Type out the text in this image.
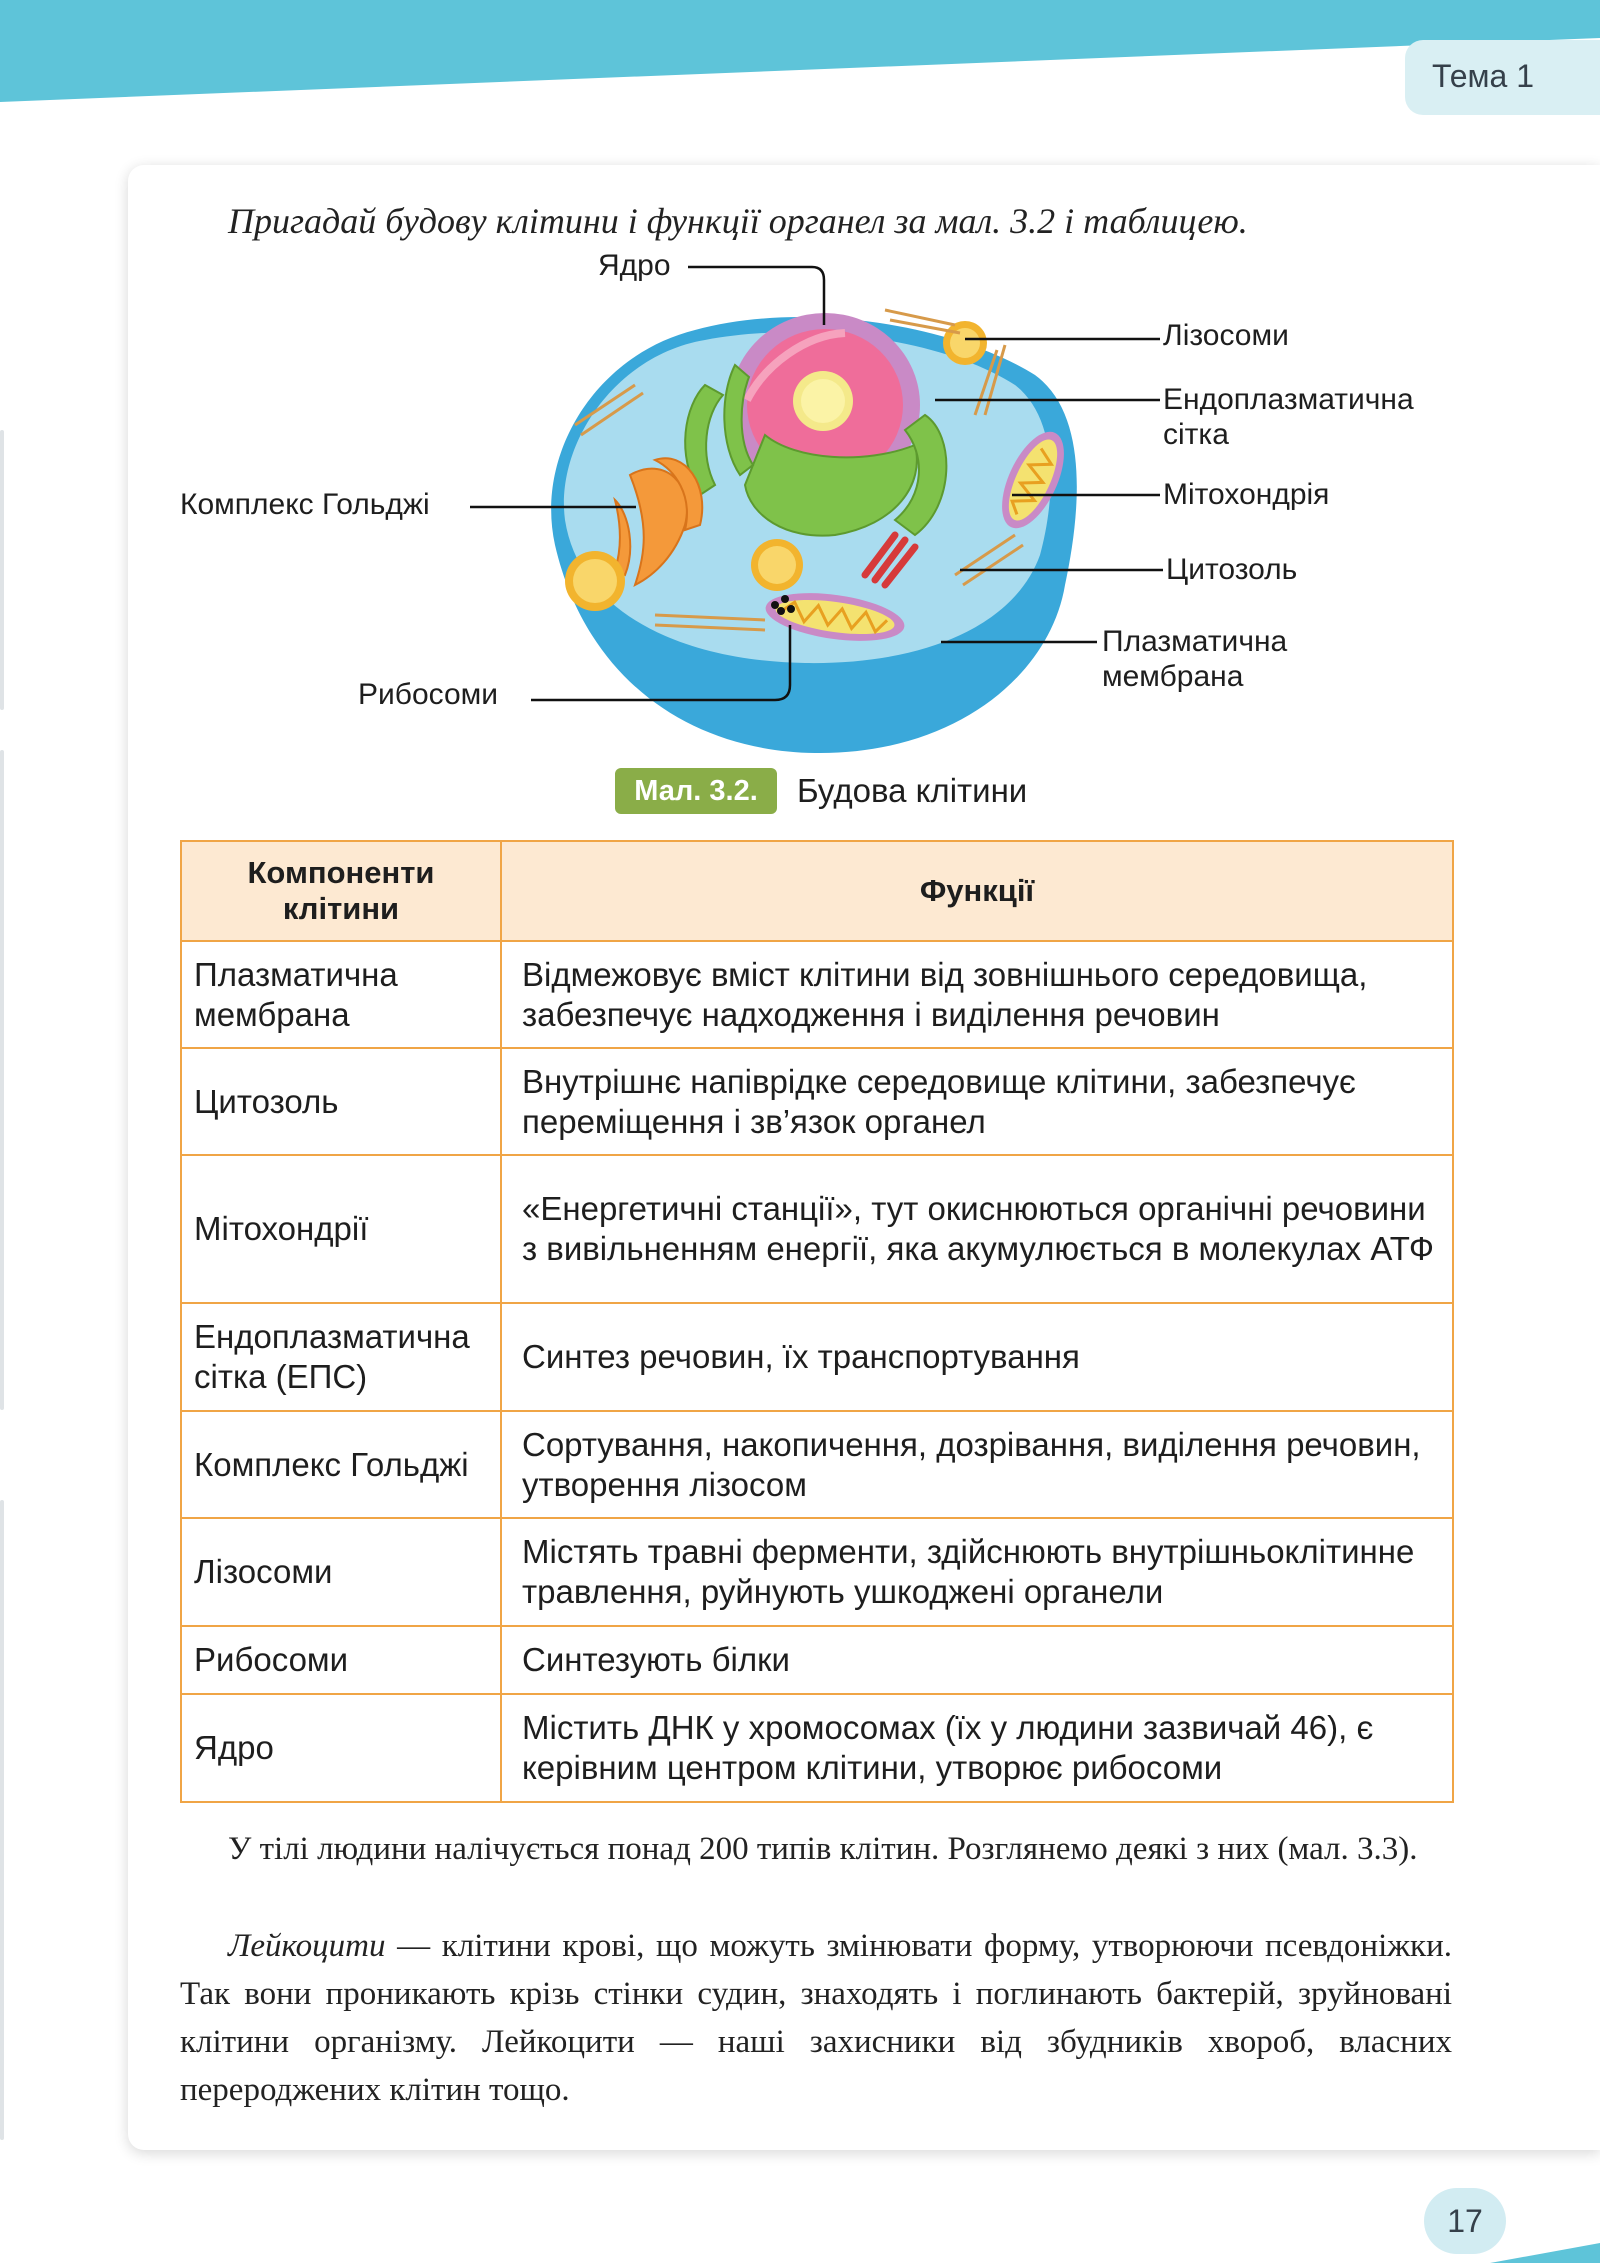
Тема 1
Пригадай будову клітини і функції органел за мал. 3.2 і таблицею.
Ядро
Лізосоми
Ендоплазматична
сітка
Комплекс Гольджі	Мітохондрія
Цитозоль
Плазматична
мембрана
Рибосоми
Мал. 3.2.	Будова клітини
Компоненти клітини	Функції
Плазматична мембрана	Відмежовує вміст клітини від зовнішнього середовища, забезпечує надходження і виділення речовин
Цитозоль	Внутрішнє напіврідке середовище клітини, забезпечує переміщення і зв’язок органел
Мітохондрії	«Енергетичні станції», тут окиснюються органічні речовини з вивільненням енергії, яка акумулюється в молекулах АТФ
Ендоплазматична сітка (ЕПС)	Синтез речовин, їх транспортування
Комплекс Гольджі	Сортування, накопичення, дозрівання, виділення речовин, утворення лізосом
Лізосоми	Містять травні ферменти, здійснюють внутрішньоклітинне травлення, руйнують ушкоджені органели
Рибосоми	Синтезують білки
Ядро	Містить ДНК у хромосомах (їх у людини зазвичай 46), є керівним центром клітини, утворює рибосоми
У тілі людини налічується понад 200 типів клітин. Розглянемо деякі з них (мал. 3.3).
Лейкоцити — клітини крові, що можуть змінювати форму, утворюючи псевдоніжки. Так вони проникають крізь стінки судин, знаходять і поглинають бактерій, зруйновані клітини організму. Лейкоцити — наші захисники від збудників хвороб, власних перероджених клітин тощо.
17
